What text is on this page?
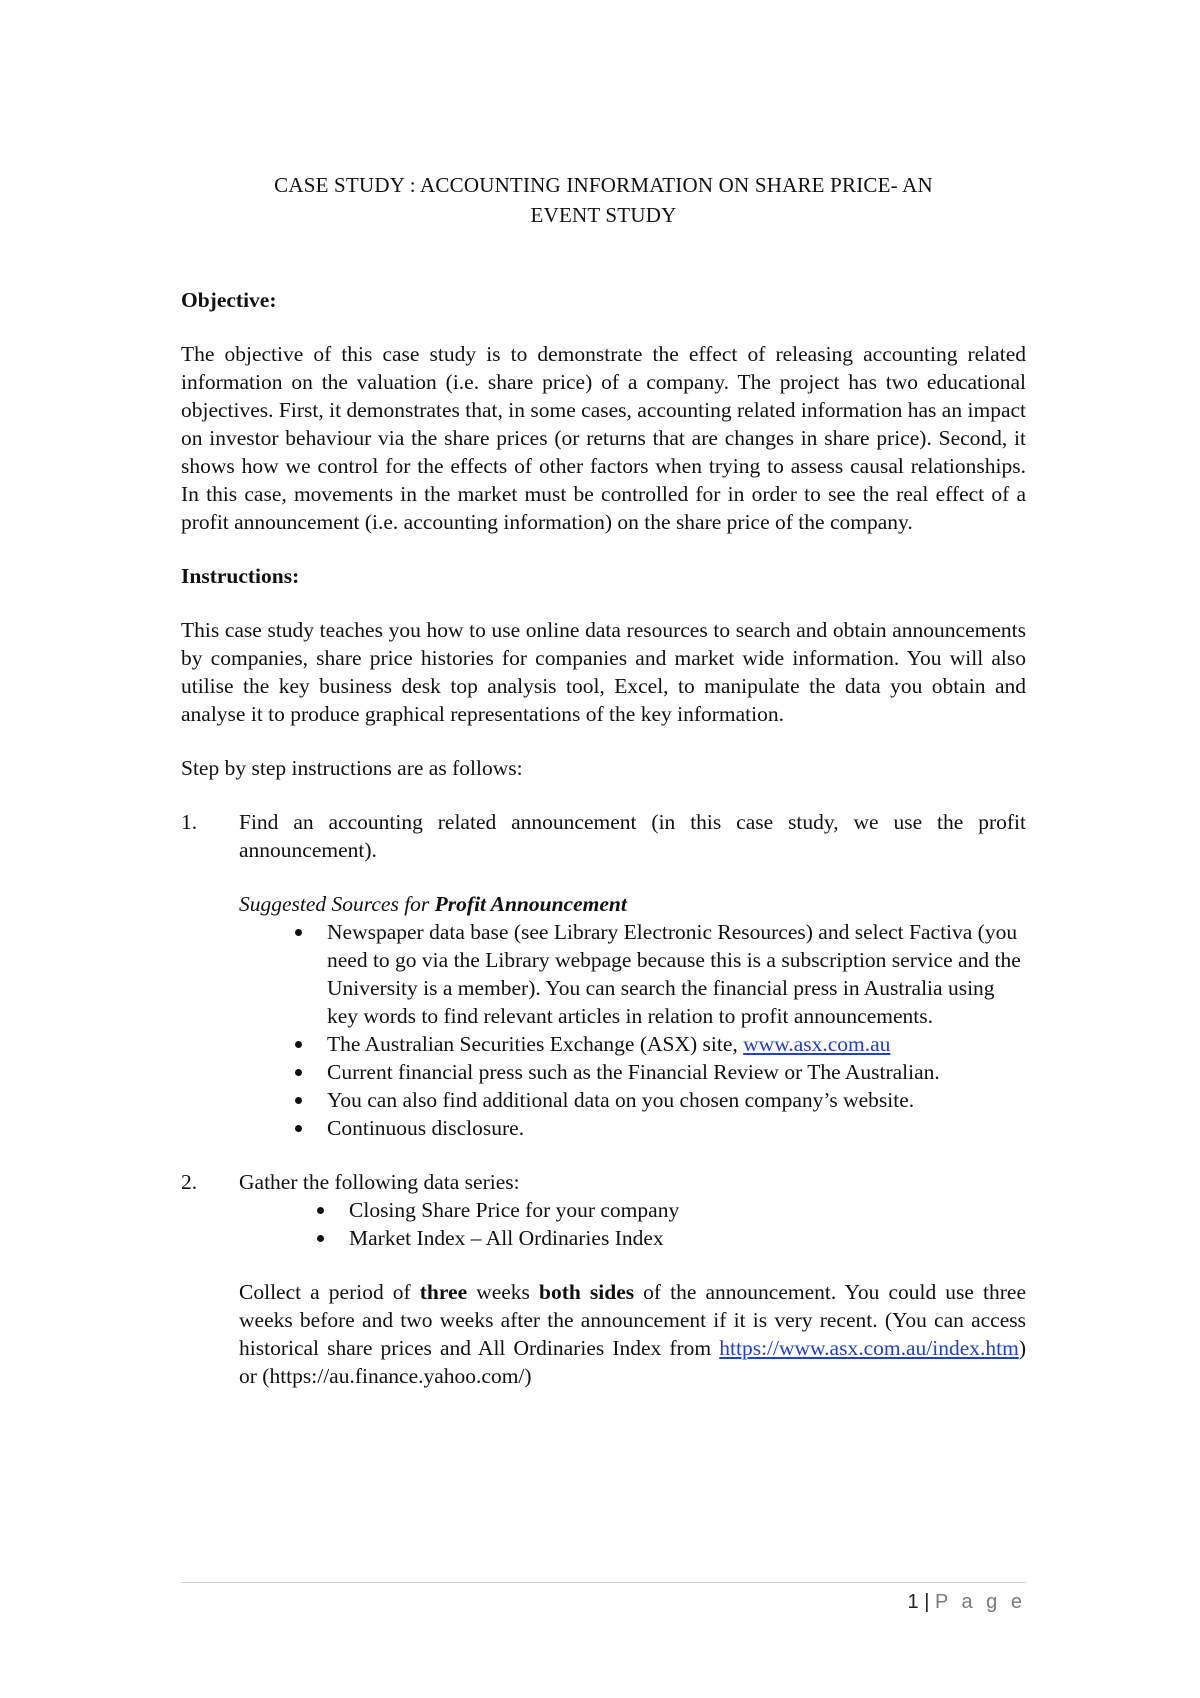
CASE STUDY : ACCOUNTING INFORMATION ON SHARE PRICE- AN

EVENT STUDY

Objective:

The objective of this case study is to demonstrate the effect of releasing accounting related information on the valuation (i.e. share price) of a company. The project has two educational objectives. First, it demonstrates that, in some cases, accounting related information has an impact on investor behaviour via the share prices (or returns that are changes in share price). Second, it shows how we control for the effects of other factors when trying to assess causal relationships. In this case, movements in the market must be controlled for in order to see the real effect of a profit announcement (i.e. accounting information) on the share price of the company.

Instructions:

This case study teaches you how to use online data resources to search and obtain announcements by companies, share price histories for companies and market wide information. You will also utilise the key business desk top analysis tool, Excel, to manipulate the data you obtain and analyse it to produce graphical representations of the key information.

Step by step instructions are as follows:

1.	Find an accounting related announcement (in this case study, we use the profit announcement).

Suggested Sources for Profit Announcement

Newspaper data base (see Library Electronic Resources) and select Factiva (you need to go via the Library webpage because this is a subscription service and the University is a member). You can search the financial press in Australia using key words to find relevant articles in relation to profit announcements.
The Australian Securities Exchange (ASX) site, www.asx.com.au
Current financial press such as the Financial Review or The Australian.
You can also find additional data on you chosen company’s website.
Continuous disclosure.
2.	Gather the following data series:

Closing Share Price for your company
Market Index – All Ordinaries Index

Collect a period of three weeks both sides of the announcement. You could use three weeks before and two weeks after the announcement if it is very recent. (You can access historical share prices and All Ordinaries Index from https://www.asx.com.au/index.htm) or (https://au.finance.yahoo.com/)

1 | P a g e
